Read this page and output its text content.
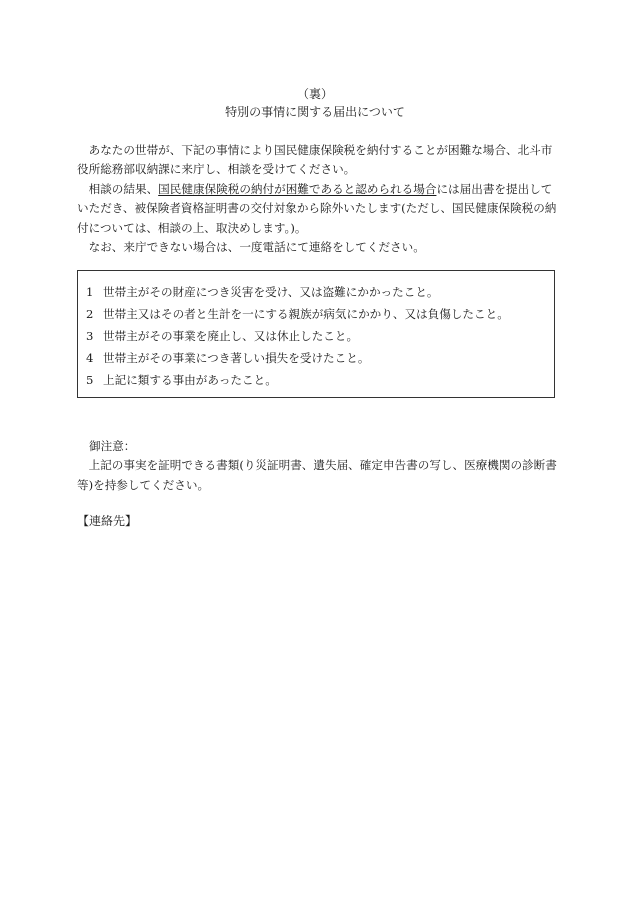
（裏）
特別の事情に関する届出について

あなたの世帯が、下記の事情により国民健康保険税を納付することが困難な場合、北斗市役所総務部収納課に来庁し、相談を受けてください。

相談の結果、国民健康保険税の納付が困難であると認められる場合には届出書を提出していただき、被保険者資格証明書の交付対象から除外いたします(ただし、国民健康保険税の納付については、相談の上、取決めします。)。

なお、来庁できない場合は、一度電話にて連絡をしてください。

1 世帯主がその財産につき災害を受け、又は盗難にかかったこと。
2 世帯主又はその者と生計を一にする親族が病気にかかり、又は負傷したこと。
3 世帯主がその事業を廃止し、又は休止したこと。
4 世帯主がその事業につき著しい損失を受けたこと。
5 上記に類する事由があったこと。

御注意：

上記の事実を証明できる書類(り災証明書、遺失届、確定申告書の写し、医療機関の診断書等)を持参してください。

【連絡先】
